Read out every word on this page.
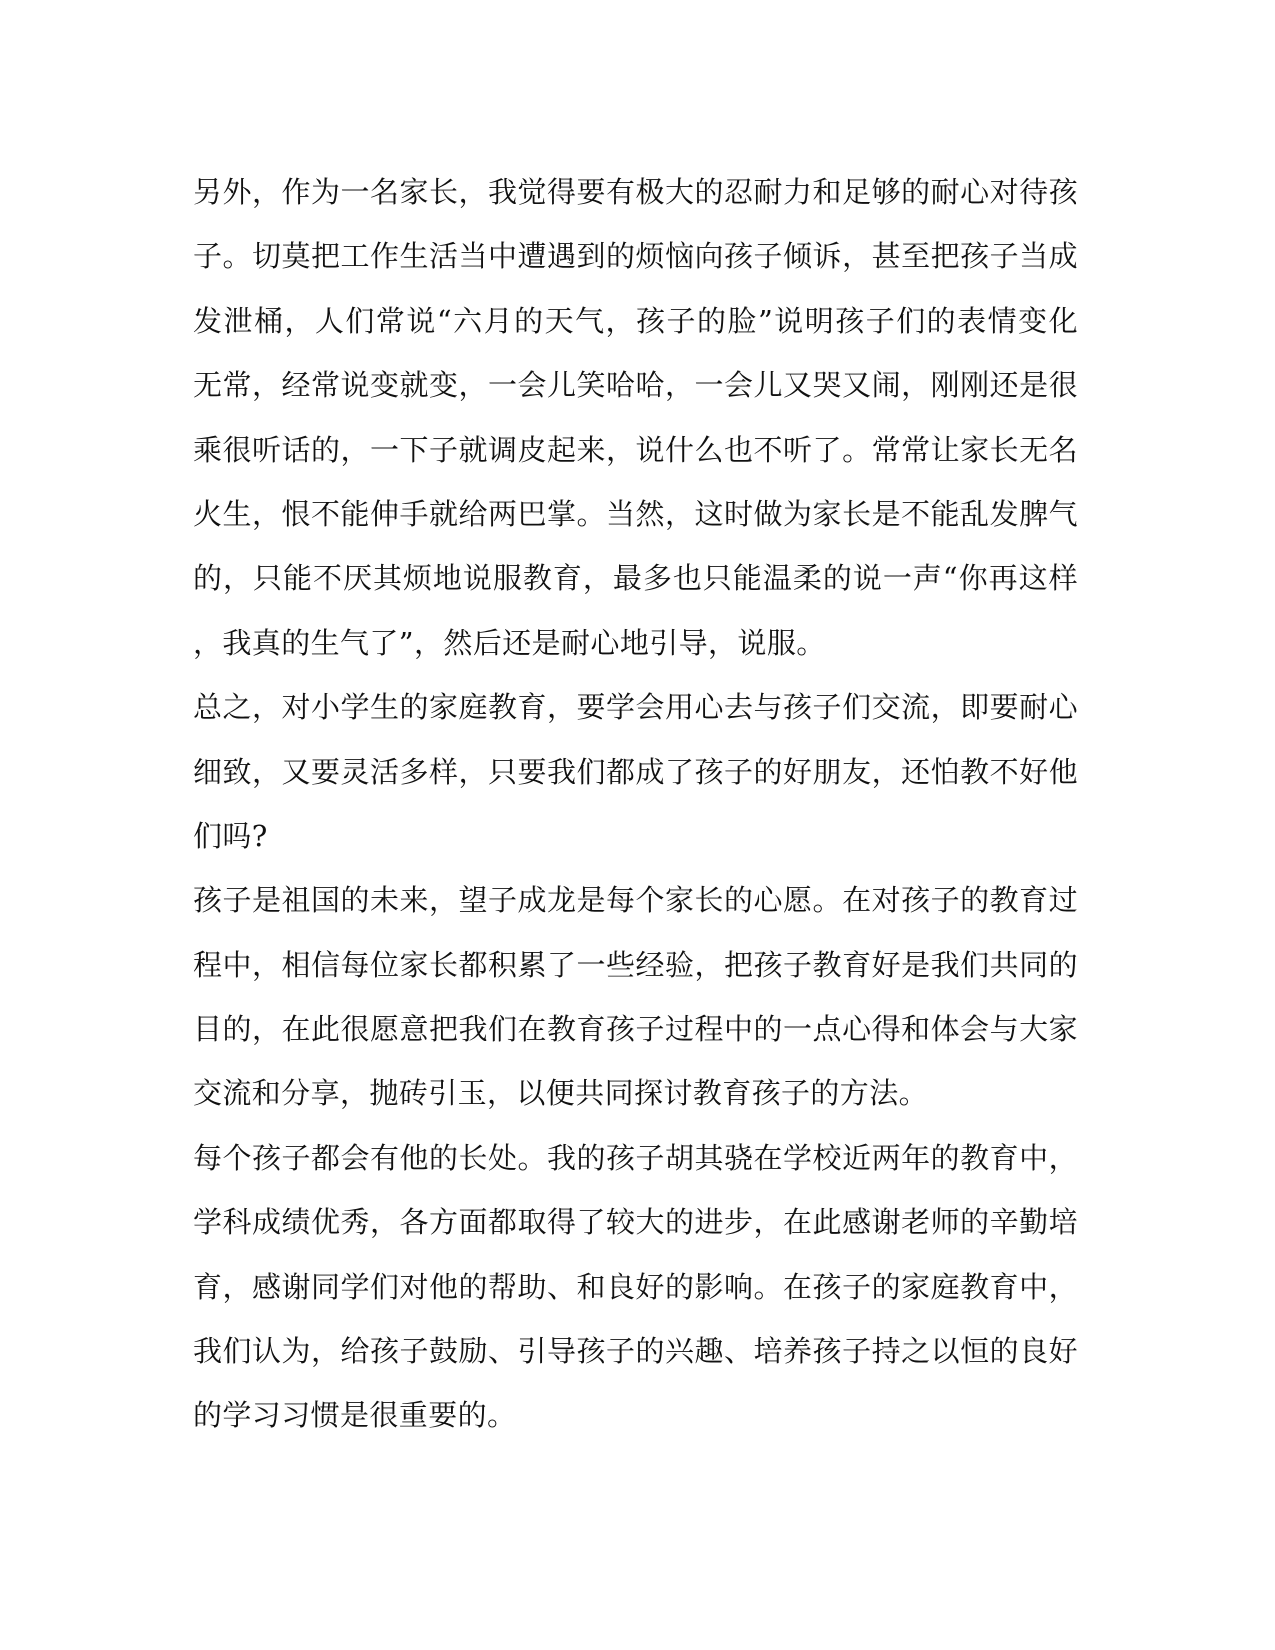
另外，作为一名家长，我觉得要有极大的忍耐力和足够的耐心对待孩
子。切莫把工作生活当中遭遇到的烦恼向孩子倾诉，甚至把孩子当成
发泄桶，人们常说“六月的天气，孩子的脸”说明孩子们的表情变化
无常，经常说变就变，一会儿笑哈哈，一会儿又哭又闹，刚刚还是很
乘很听话的，一下子就调皮起来，说什么也不听了。常常让家长无名
火生，恨不能伸手就给两巴掌。当然，这时做为家长是不能乱发脾气
的，只能不厌其烦地说服教育，最多也只能温柔的说一声“你再这样
，我真的生气了”，然后还是耐心地引导，说服。
总之，对小学生的家庭教育，要学会用心去与孩子们交流，即要耐心
细致，又要灵活多样，只要我们都成了孩子的好朋友，还怕教不好他
们吗?
孩子是祖国的未来，望子成龙是每个家长的心愿。在对孩子的教育过
程中，相信每位家长都积累了一些经验，把孩子教育好是我们共同的
目的，在此很愿意把我们在教育孩子过程中的一点心得和体会与大家
交流和分享，抛砖引玉，以便共同探讨教育孩子的方法。
每个孩子都会有他的长处。我的孩子胡其骁在学校近两年的教育中，
学科成绩优秀，各方面都取得了较大的进步，在此感谢老师的辛勤培
育，感谢同学们对他的帮助、和良好的影响。在孩子的家庭教育中，
我们认为，给孩子鼓励、引导孩子的兴趣、培养孩子持之以恒的良好
的学习习惯是很重要的。
